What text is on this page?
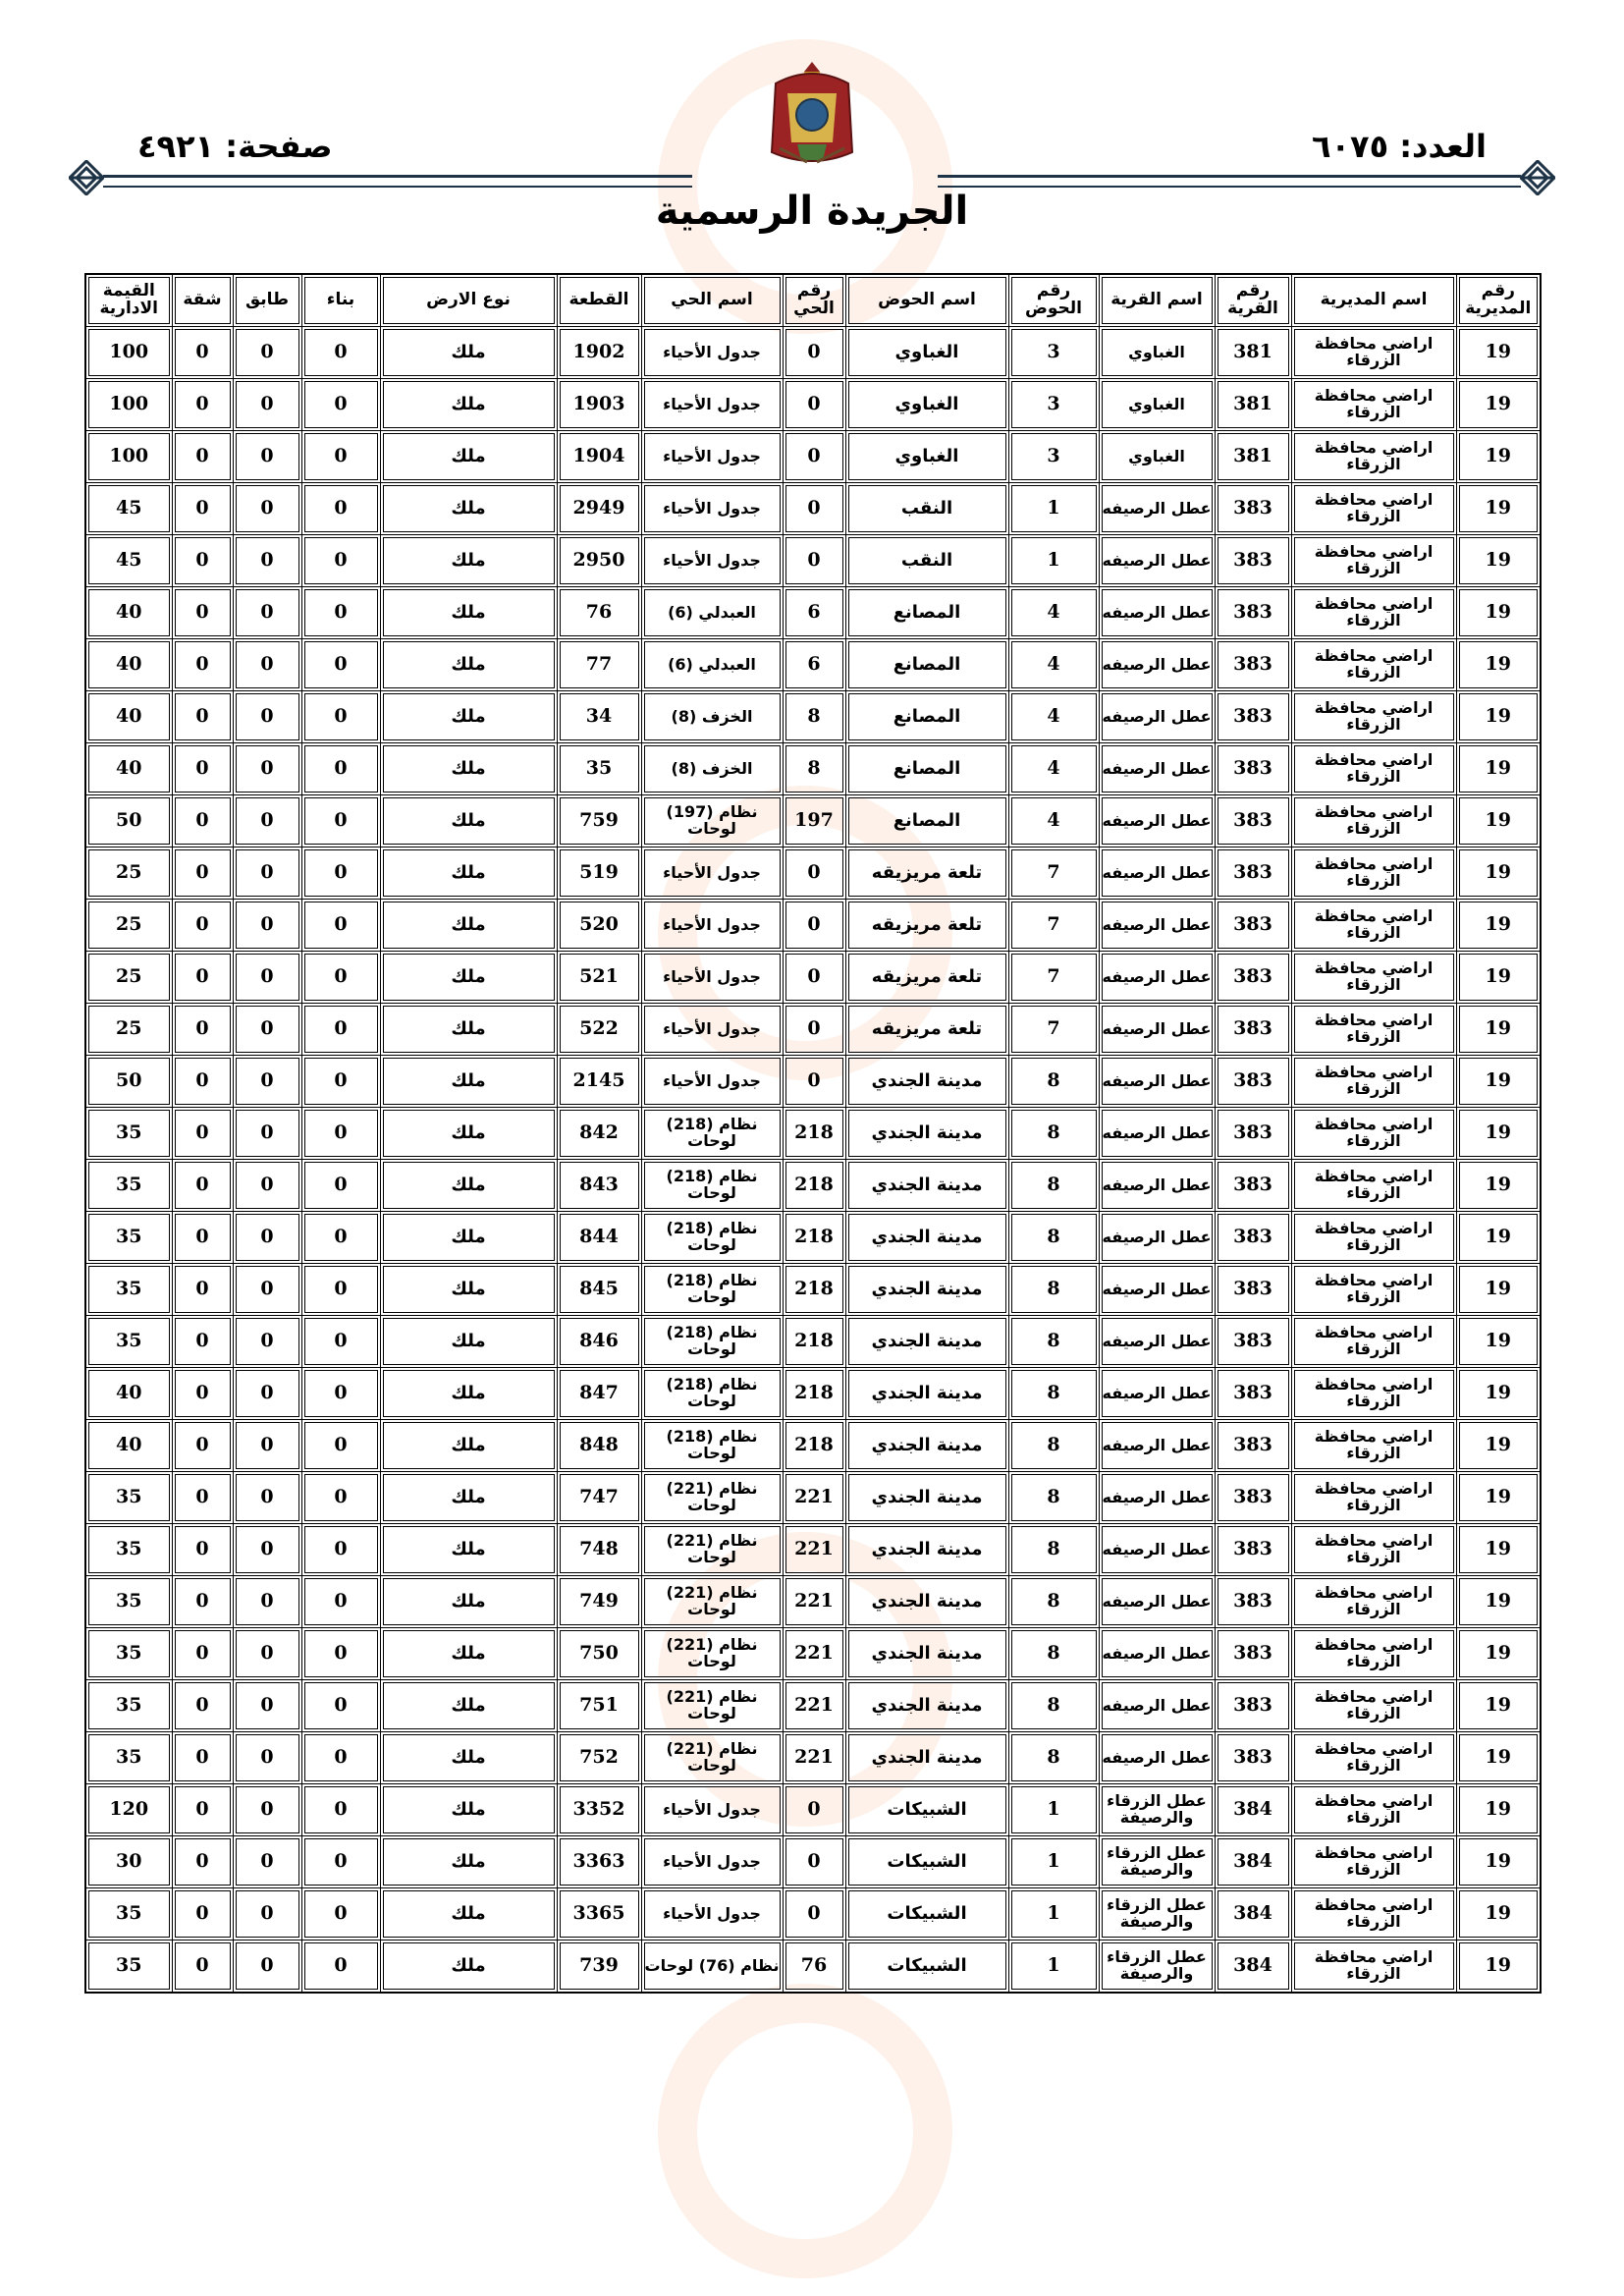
العدد: ٦٠٧٥
صفحة: ٤٩٢١
الجريدة الرسمية
رقم المديرية	اسم المديرية	رقم القرية	اسم القرية	رقم الحوض	اسم الحوض	رقم الحي	اسم الحي	القطعة	نوع الارض	بناء	طابق	شقة	القيمة الادارية
19	اراضي محافظة الزرقاء	381	الغباوي	3	الغباوي	0	جدول الأحياء	1902	ملك	0	0	0	100
19	اراضي محافظة الزرقاء	381	الغباوي	3	الغباوي	0	جدول الأحياء	1903	ملك	0	0	0	100
19	اراضي محافظة الزرقاء	381	الغباوي	3	الغباوي	0	جدول الأحياء	1904	ملك	0	0	0	100
19	اراضي محافظة الزرقاء	383	عطل الرصيفه	1	النقب	0	جدول الأحياء	2949	ملك	0	0	0	45
19	اراضي محافظة الزرقاء	383	عطل الرصيفه	1	النقب	0	جدول الأحياء	2950	ملك	0	0	0	45
19	اراضي محافظة الزرقاء	383	عطل الرصيفه	4	المصانع	6	العبدلي (6)	76	ملك	0	0	0	40
19	اراضي محافظة الزرقاء	383	عطل الرصيفه	4	المصانع	6	العبدلي (6)	77	ملك	0	0	0	40
19	اراضي محافظة الزرقاء	383	عطل الرصيفه	4	المصانع	8	الخزف (8)	34	ملك	0	0	0	40
19	اراضي محافظة الزرقاء	383	عطل الرصيفه	4	المصانع	8	الخزف (8)	35	ملك	0	0	0	40
19	اراضي محافظة الزرقاء	383	عطل الرصيفه	4	المصانع	197	نظام (197) لوحات	759	ملك	0	0	0	50
19	اراضي محافظة الزرقاء	383	عطل الرصيفه	7	تلعة مريزيقه	0	جدول الأحياء	519	ملك	0	0	0	25
19	اراضي محافظة الزرقاء	383	عطل الرصيفه	7	تلعة مريزيقه	0	جدول الأحياء	520	ملك	0	0	0	25
19	اراضي محافظة الزرقاء	383	عطل الرصيفه	7	تلعة مريزيقه	0	جدول الأحياء	521	ملك	0	0	0	25
19	اراضي محافظة الزرقاء	383	عطل الرصيفه	7	تلعة مريزيقه	0	جدول الأحياء	522	ملك	0	0	0	25
19	اراضي محافظة الزرقاء	383	عطل الرصيفه	8	مدينة الجندي	0	جدول الأحياء	2145	ملك	0	0	0	50
19	اراضي محافظة الزرقاء	383	عطل الرصيفه	8	مدينة الجندي	218	نظام (218) لوحات	842	ملك	0	0	0	35
19	اراضي محافظة الزرقاء	383	عطل الرصيفه	8	مدينة الجندي	218	نظام (218) لوحات	843	ملك	0	0	0	35
19	اراضي محافظة الزرقاء	383	عطل الرصيفه	8	مدينة الجندي	218	نظام (218) لوحات	844	ملك	0	0	0	35
19	اراضي محافظة الزرقاء	383	عطل الرصيفه	8	مدينة الجندي	218	نظام (218) لوحات	845	ملك	0	0	0	35
19	اراضي محافظة الزرقاء	383	عطل الرصيفه	8	مدينة الجندي	218	نظام (218) لوحات	846	ملك	0	0	0	35
19	اراضي محافظة الزرقاء	383	عطل الرصيفه	8	مدينة الجندي	218	نظام (218) لوحات	847	ملك	0	0	0	40
19	اراضي محافظة الزرقاء	383	عطل الرصيفه	8	مدينة الجندي	218	نظام (218) لوحات	848	ملك	0	0	0	40
19	اراضي محافظة الزرقاء	383	عطل الرصيفه	8	مدينة الجندي	221	نظام (221) لوحات	747	ملك	0	0	0	35
19	اراضي محافظة الزرقاء	383	عطل الرصيفه	8	مدينة الجندي	221	نظام (221) لوحات	748	ملك	0	0	0	35
19	اراضي محافظة الزرقاء	383	عطل الرصيفه	8	مدينة الجندي	221	نظام (221) لوحات	749	ملك	0	0	0	35
19	اراضي محافظة الزرقاء	383	عطل الرصيفه	8	مدينة الجندي	221	نظام (221) لوحات	750	ملك	0	0	0	35
19	اراضي محافظة الزرقاء	383	عطل الرصيفه	8	مدينة الجندي	221	نظام (221) لوحات	751	ملك	0	0	0	35
19	اراضي محافظة الزرقاء	383	عطل الرصيفه	8	مدينة الجندي	221	نظام (221) لوحات	752	ملك	0	0	0	35
19	اراضي محافظة الزرقاء	384	عطل الزرقاء والرصيفة	1	الشبيكات	0	جدول الأحياء	3352	ملك	0	0	0	120
19	اراضي محافظة الزرقاء	384	عطل الزرقاء والرصيفة	1	الشبيكات	0	جدول الأحياء	3363	ملك	0	0	0	30
19	اراضي محافظة الزرقاء	384	عطل الزرقاء والرصيفة	1	الشبيكات	0	جدول الأحياء	3365	ملك	0	0	0	35
19	اراضي محافظة الزرقاء	384	عطل الزرقاء والرصيفة	1	الشبيكات	76	نظام (76) لوحات	739	ملك	0	0	0	35
